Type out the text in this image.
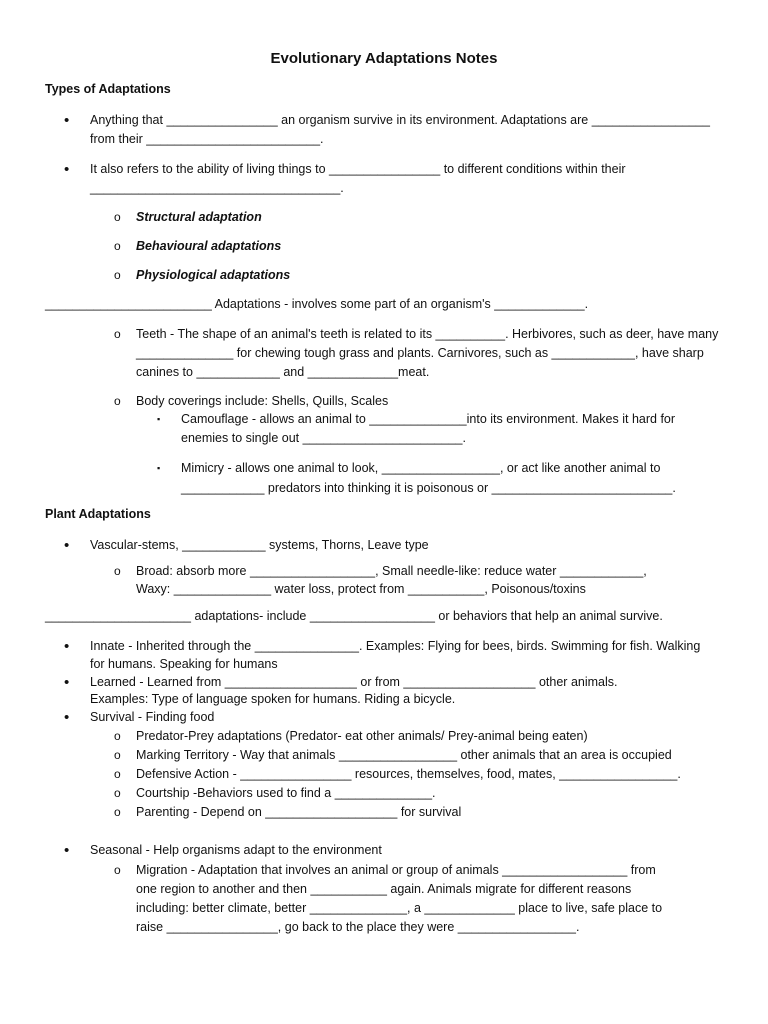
Evolutionary Adaptations Notes
Types of Adaptations
• Anything that ________________ an organism survive in its environment. Adaptations are _________________
from their _________________________.
• It also refers to the ability of living things to ________________ to different conditions within their
____________________________________.
o Structural adaptation
o Behavioural adaptations
o Physiological adaptations
________________________ Adaptations - involves some part of an organism's _____________.
o Teeth - The shape of an animal's teeth is related to its __________. Herbivores, such as deer, have many
______________ for chewing tough grass and plants. Carnivores, such as ____________, have sharp
canines to ____________ and _____________meat.
o Body coverings include: Shells, Quills, Scales
▪ Camouflage - allows an animal to ______________into its environment. Makes it hard for
enemies to single out _______________________.
▪ Mimicry - allows one animal to look, _________________, or act like another animal to
____________ predators into thinking it is poisonous or __________________________.
Plant Adaptations
• Vascular-stems, ____________ systems, Thorns, Leave type
o Broad: absorb more __________________, Small needle-like: reduce water ____________,
Waxy: ______________ water loss, protect from ___________, Poisonous/toxins
_____________________ adaptations- include __________________ or behaviors that help an animal survive.
• Innate - Inherited through the _______________. Examples: Flying for bees, birds. Swimming for fish. Walking
for humans. Speaking for humans
• Learned - Learned from ___________________ or from ___________________ other animals.
Examples: Type of language spoken for humans. Riding a bicycle.
• Survival - Finding food
o Predator-Prey adaptations (Predator- eat other animals/ Prey-animal being eaten)
o Marking Territory - Way that animals _________________ other animals that an area is occupied
o Defensive Action - ________________ resources, themselves, food, mates, _________________.
o Courtship -Behaviors used to find a ______________.
o Parenting - Depend on ___________________ for survival
• Seasonal - Help organisms adapt to the environment
o Migration - Adaptation that involves an animal or group of animals __________________ from
one region to another and then ___________ again. Animals migrate for different reasons
including: better climate, better ______________, a _____________ place to live, safe place to
raise ________________, go back to the place they were _________________.
